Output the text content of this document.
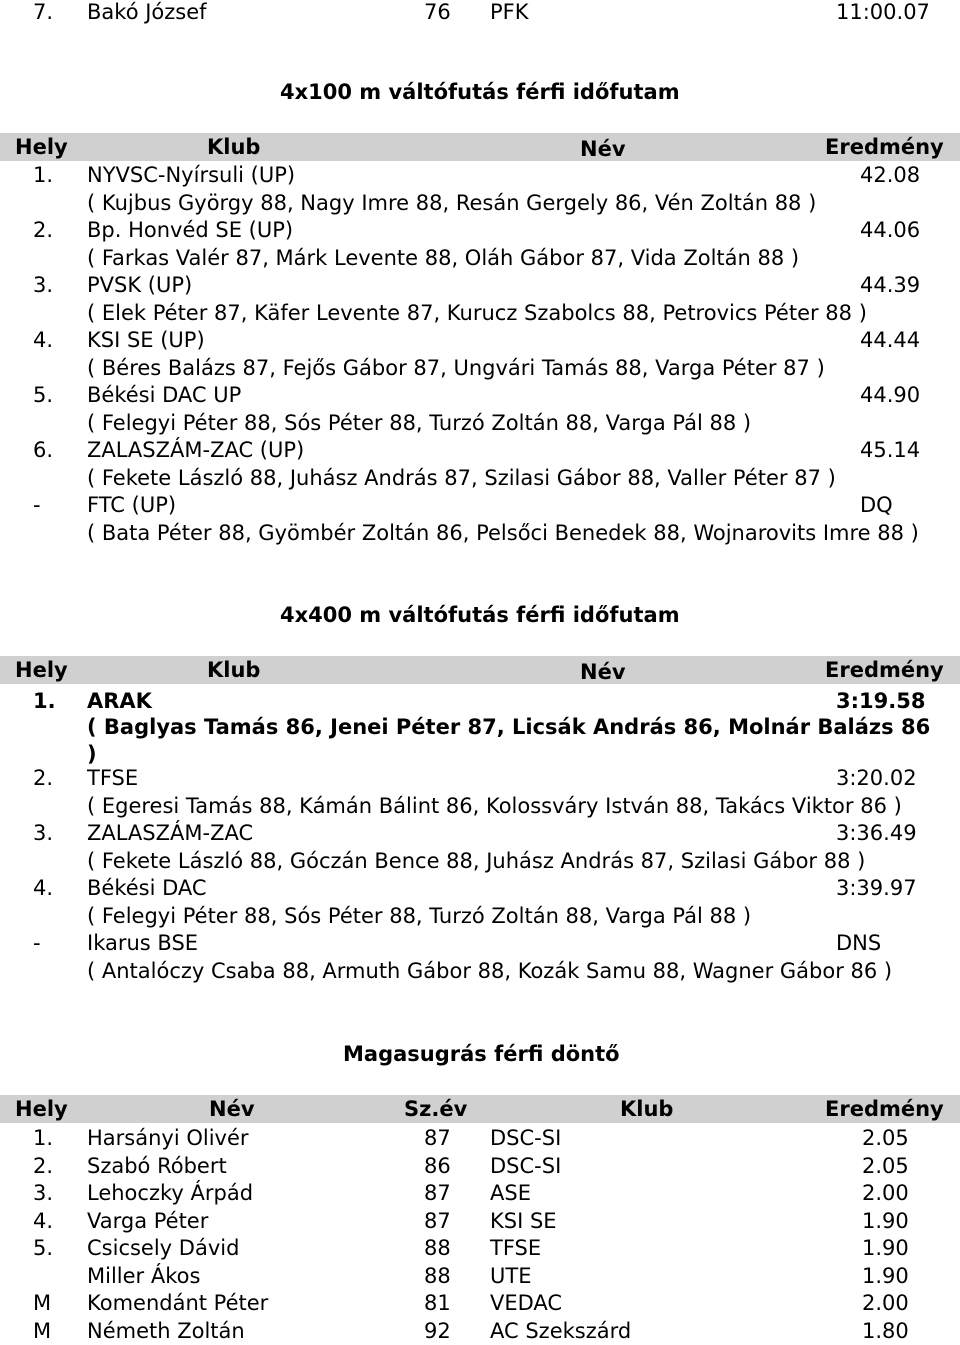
7. Bakó József	76 PFK	11:00.07
4x100 m váltófutás férfi időfutam
Hely	Klub	Név	Eredmény
1. NYVSC-Nyírsuli (UP)	42.08
( Kujbus György 88, Nagy Imre 88, Resán Gergely 86, Vén Zoltán 88 )
2. Bp. Honvéd SE (UP)	44.06
( Farkas Valér 87, Márk Levente 88, Oláh Gábor 87, Vida Zoltán 88 )
3. PVSK (UP)	44.39
( Elek Péter 87, Käfer Levente 87, Kurucz Szabolcs 88, Petrovics Péter 88 )
4. KSI SE (UP)	44.44
( Béres Balázs 87, Fejős Gábor 87, Ungvári Tamás 88, Varga Péter 87 )
5. Békési DAC UP	44.90
( Felegyi Péter 88, Sós Péter 88, Turzó Zoltán 88, Varga Pál 88 )
6. ZALASZÁM-ZAC (UP)	45.14
( Fekete László 88, Juhász András 87, Szilasi Gábor 88, Valler Péter 87 )
- FTC (UP)	DQ
( Bata Péter 88, Gyömbér Zoltán 86, Pelsőci Benedek 88, Wojnarovits Imre 88 )
4x400 m váltófutás férfi időfutam
Hely	Klub	Név	Eredmény
1. ARAK	3:19.58
( Baglyas Tamás 86, Jenei Péter 87, Licsák András 86, Molnár Balázs 86
)
2. TFSE	3:20.02
( Egeresi Tamás 88, Kámán Bálint 86, Kolossváry István 88, Takács Viktor 86 )
3. ZALASZÁM-ZAC	3:36.49
( Fekete László 88, Góczán Bence 88, Juhász András 87, Szilasi Gábor 88 )
4. Békési DAC	3:39.97
( Felegyi Péter 88, Sós Péter 88, Turzó Zoltán 88, Varga Pál 88 )
- Ikarus BSE	DNS
( Antalóczy Csaba 88, Armuth Gábor 88, Kozák Samu 88, Wagner Gábor 86 )
Magasugrás férfi döntő
Hely	Név	Sz.év	Klub	Eredmény
1. Harsányi Olivér	87 DSC-SI	2.05
2. Szabó Róbert	86 DSC-SI	2.05
3. Lehoczky Árpád	87 ASE	2.00
4. Varga Péter	87 KSI SE	1.90
5. Csicsely Dávid	88 TFSE	1.90
Miller Ákos	88 UTE	1.90
M Komendánt Péter	81 VEDAC	2.00
M Németh Zoltán	92 AC Szekszárd	1.80
